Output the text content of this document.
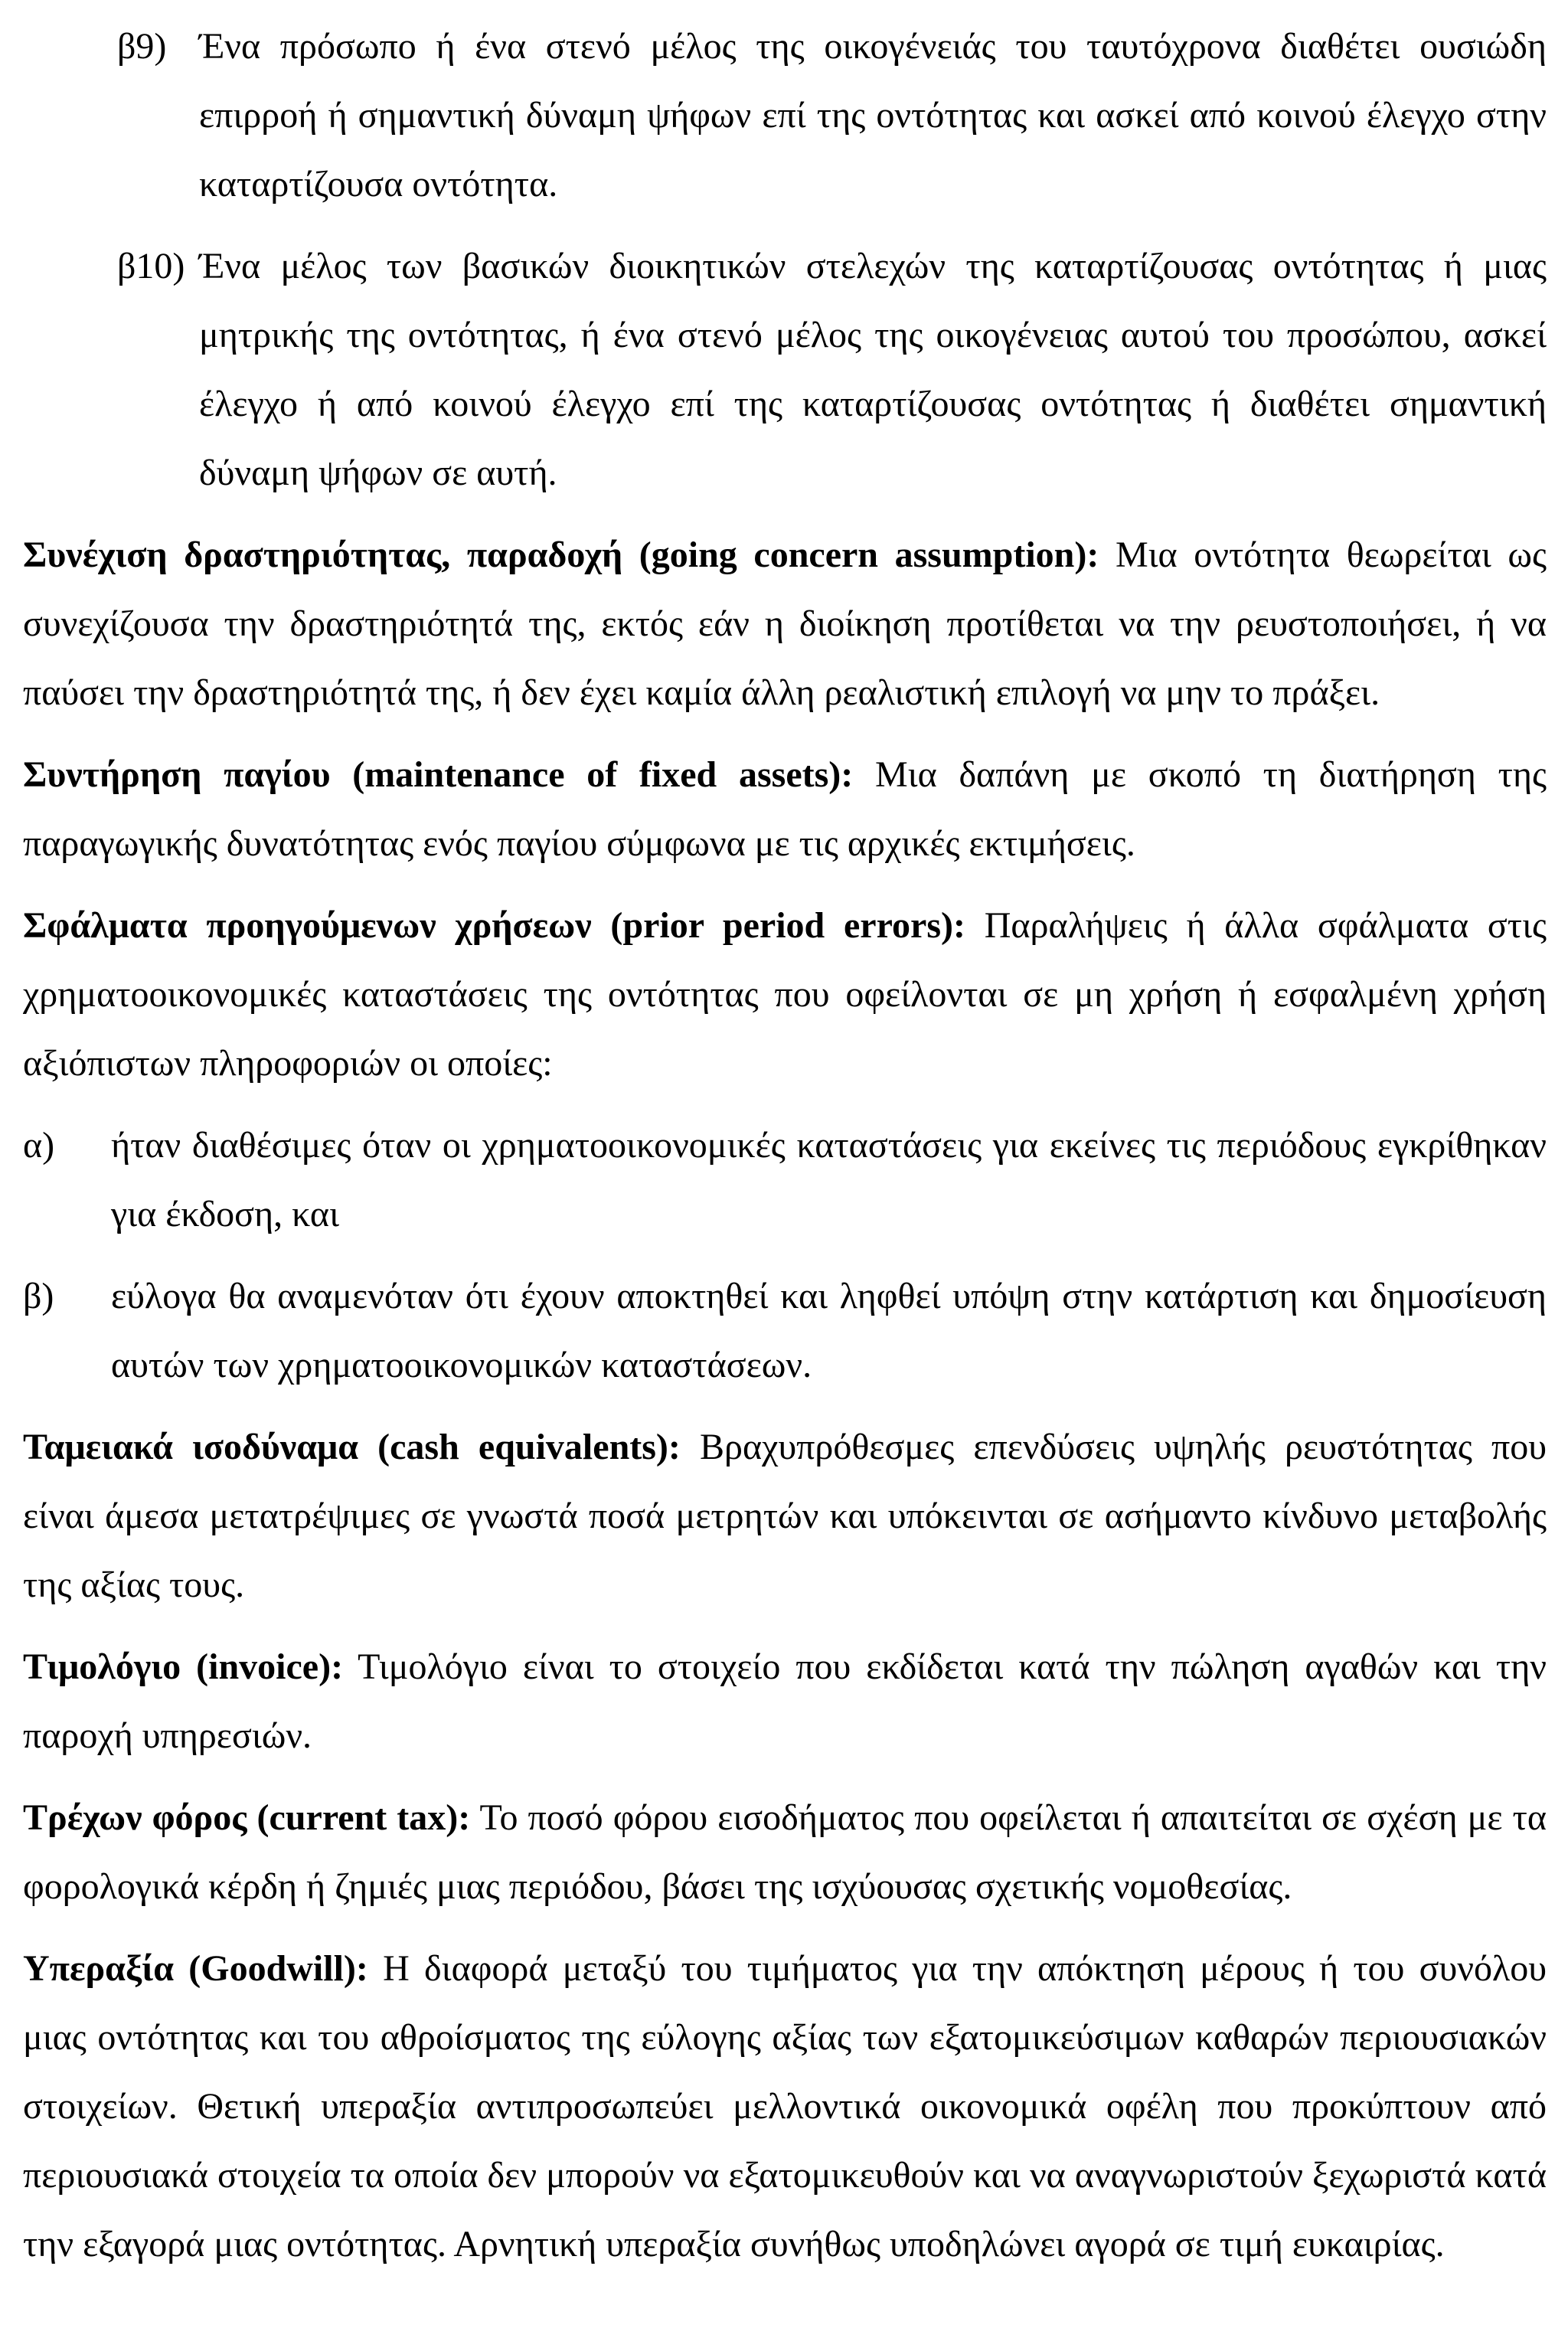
β9) Ένα πρόσωπο ή ένα στενό μέλος της οικογένειάς του ταυτόχρονα διαθέτει ουσιώδη επιρροή ή σημαντική δύναμη ψήφων επί της οντότητας και ασκεί από κοινού έλεγχο στην καταρτίζουσα οντότητα.
β10) Ένα μέλος των βασικών διοικητικών στελεχών της καταρτίζουσας οντότητας ή μιας μητρικής της οντότητας, ή ένα στενό μέλος της οικογένειας αυτού του προσώπου, ασκεί έλεγχο ή από κοινού έλεγχο επί της καταρτίζουσας οντότητας ή διαθέτει σημαντική δύναμη ψήφων σε αυτή.

Συνέχιση δραστηριότητας, παραδοχή (going concern assumption): Μια οντότητα θεωρείται ως συνεχίζουσα την δραστηριότητά της, εκτός εάν η διοίκηση προτίθεται να την ρευστοποιήσει, ή να παύσει την δραστηριότητά της, ή δεν έχει καμία άλλη ρεαλιστική επιλογή να μην το πράξει.

Συντήρηση παγίου (maintenance of fixed assets): Μια δαπάνη με σκοπό τη διατήρηση της παραγωγικής δυνατότητας ενός παγίου σύμφωνα με τις αρχικές εκτιμήσεις.

Σφάλματα προηγούμενων χρήσεων (prior period errors): Παραλήψεις ή άλλα σφάλματα στις χρηματοοικονομικές καταστάσεις της οντότητας που οφείλονται σε μη χρήση ή εσφαλμένη χρήση αξιόπιστων πληροφοριών οι οποίες:

α) ήταν διαθέσιμες όταν οι χρηματοοικονομικές καταστάσεις για εκείνες τις περιόδους εγκρίθηκαν για έκδοση, και
β) εύλογα θα αναμενόταν ότι έχουν αποκτηθεί και ληφθεί υπόψη στην κατάρτιση και δημοσίευση αυτών των χρηματοοικονομικών καταστάσεων.

Ταμειακά ισοδύναμα (cash equivalents): Βραχυπρόθεσμες επενδύσεις υψηλής ρευστότητας που είναι άμεσα μετατρέψιμες σε γνωστά ποσά μετρητών και υπόκεινται σε ασήμαντο κίνδυνο μεταβολής της αξίας τους.

Τιμολόγιο (invoice): Τιμολόγιο είναι το στοιχείο που εκδίδεται κατά την πώληση αγαθών και την παροχή υπηρεσιών.

Τρέχων φόρος (current tax): Το ποσό φόρου εισοδήματος που οφείλεται ή απαιτείται σε σχέση με τα φορολογικά κέρδη ή ζημιές μιας περιόδου, βάσει της ισχύουσας σχετικής νομοθεσίας.

Υπεραξία (Goodwill): Η διαφορά μεταξύ του τιμήματος για την απόκτηση μέρους ή του συνόλου μιας οντότητας και του αθροίσματος της εύλογης αξίας των εξατομικεύσιμων καθαρών περιουσιακών στοιχείων. Θετική υπεραξία αντιπροσωπεύει μελλοντικά οικονομικά οφέλη που προκύπτουν από περιουσιακά στοιχεία τα οποία δεν μπορούν να εξατομικευθούν και να αναγνωριστούν ξεχωριστά κατά την εξαγορά μιας οντότητας. Αρνητική υπεραξία συνήθως υποδηλώνει αγορά σε τιμή ευκαιρίας.
